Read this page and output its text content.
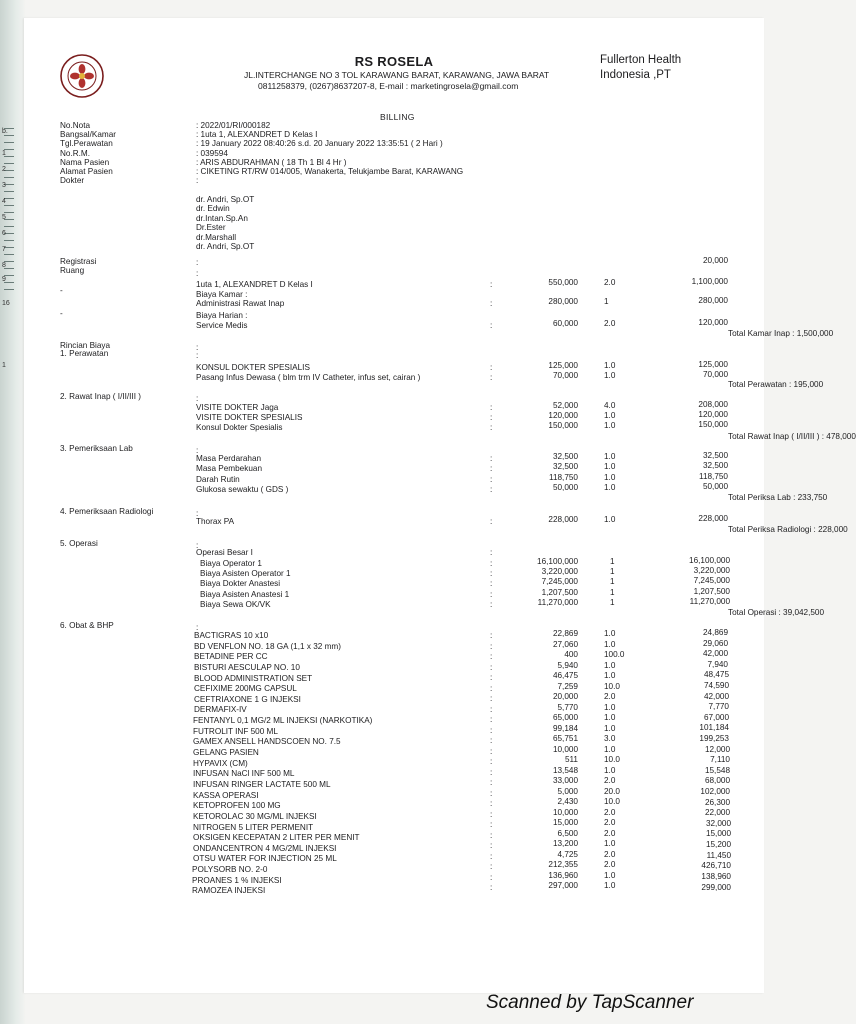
b.
1
2
3
4
5
6
7
8
9
16
1
RS ROSELA
JL.INTERCHANGE NO 3 TOL KARAWANG BARAT, KARAWANG, JAWA BARAT
0811258379, (0267)8637207-8, E-mail : marketingrosela@gmail.com
Fullerton Health
Indonesia ,PT
BILLING
No.Nota	: 2022/01/RI/000182
Bangsal/Kamar	: 1uta 1, ALEXANDRET D Kelas I
Tgl.Perawatan	: 19 January 2022 08:40:26 s.d. 20 January 2022 13:35:51 ( 2 Hari )
No.R.M.	: 039594
Nama Pasien	: ARIS ABDURAHMAN ( 18 Th 1 Bl 4 Hr )
Alamat Pasien	: CIKETING RT/RW 014/005, Wanakerta, Telukjambe Barat, KARAWANG
Dokter	:
dr. Andri, Sp.OT
dr. Edwin
dr.Intan.Sp.An
Dr.Ester
dr.Marshall
dr. Andri, Sp.OT
Registrasi	:	20,000
Ruang	:
1uta 1, ALEXANDRET D Kelas I	:	550,000	2.0	1,100,000
-	Biaya Kamar :
Administrasi Rawat Inap	:	280,000	1	280,000
-	Biaya Harian :
Service Medis	:	60,000	2.0	120,000
Total Kamar Inap : 1,500,000
Rincian Biaya	:
1. Perawatan	:
KONSUL DOKTER SPESIALIS	:	125,000	1.0	125,000
Pasang Infus Dewasa ( blm trm IV Catheter, infus set, cairan )	:	70,000	1.0	70,000
Total Perawatan : 195,000
2. Rawat Inap ( I/II/III )	:
VISITE DOKTER Jaga	:	52,000	4.0	208,000
VISITE DOKTER SPESIALIS	:	120,000	1.0	120,000
Konsul Dokter Spesialis	:	150,000	1.0	150,000
Total Rawat Inap ( I/II/III ) : 478,000
3. Pemeriksaan Lab	:
Masa Perdarahan	:	32,500	1.0	32,500
Masa Pembekuan	:	32,500	1.0	32,500
Darah Rutin	:	118,750	1.0	118,750
Glukosa sewaktu ( GDS )	:	50,000	1.0	50,000
Total Periksa Lab : 233,750
4. Pemeriksaan Radiologi	:
Thorax PA	:	228,000	1.0	228,000
Total Periksa Radiologi : 228,000
5. Operasi	:
Operasi Besar I	:
Biaya Operator 1	:	16,100,000	1	16,100,000
Biaya Asisten Operator 1	:	3,220,000	1	3,220,000
Biaya Dokter Anastesi	:	7,245,000	1	7,245,000
Biaya Asisten Anastesi 1	:	1,207,500	1	1,207,500
Biaya Sewa OK/VK	:	11,270,000	1	11,270,000
Total Operasi : 39,042,500
6. Obat & BHP	:
BACTIGRAS 10 x10	:	22,869	1.0	24,869
BD VENFLON NO. 18 GA (1,1 x 32 mm)	:	27,060	1.0	29,060
BETADINE PER CC	:	400	100.0	42,000
BISTURI AESCULAP NO. 10	:	5,940	1.0	7,940
BLOOD ADMINISTRATION SET	:	46,475	1.0	48,475
CEFIXIME 200MG CAPSUL	:	7,259	10.0	74,590
CEFTRIAXONE 1 G INJEKSI	:	20,000	2.0	42,000
DERMAFIX-IV	:	5,770	1.0	7,770
FENTANYL 0,1 MG/2 ML INJEKSI (NARKOTIKA)	:	65,000	1.0	67,000
FUTROLIT INF 500 ML	:	99,184	1.0	101,184
GAMEX ANSELL HANDSCOEN NO. 7.5	:	65,751	3.0	199,253
GELANG PASIEN	:	10,000	1.0	12,000
HYPAVIX (CM)	:	511	10.0	7,110
INFUSAN NaCl INF 500 ML	:	13,548	1.0	15,548
INFUSAN RINGER LACTATE 500 ML	:	33,000	2.0	68,000
KASSA OPERASI	:	5,000	20.0	102,000
KETOPROFEN 100 MG	:	2,430	10.0	26,300
KETOROLAC 30 MG/ML INJEKSI	:	10,000	2.0	22,000
NITROGEN 5 LITER PERMENIT	:	15,000	2.0	32,000
OKSIGEN KECEPATAN 2 LITER PER MENIT	:	6,500	2.0	15,000
ONDANCENTRON 4 MG/2ML INJEKSI	:	13,200	1.0	15,200
OTSU WATER FOR INJECTION 25 ML	:	4,725	2.0	11,450
POLYSORB NO. 2-0	:	212,355	2.0	426,710
PROANES 1 % INJEKSI	:	136,960	1.0	138,960
RAMOZEA INJEKSI	:	297,000	1.0	299,000
Scanned by TapScanner
